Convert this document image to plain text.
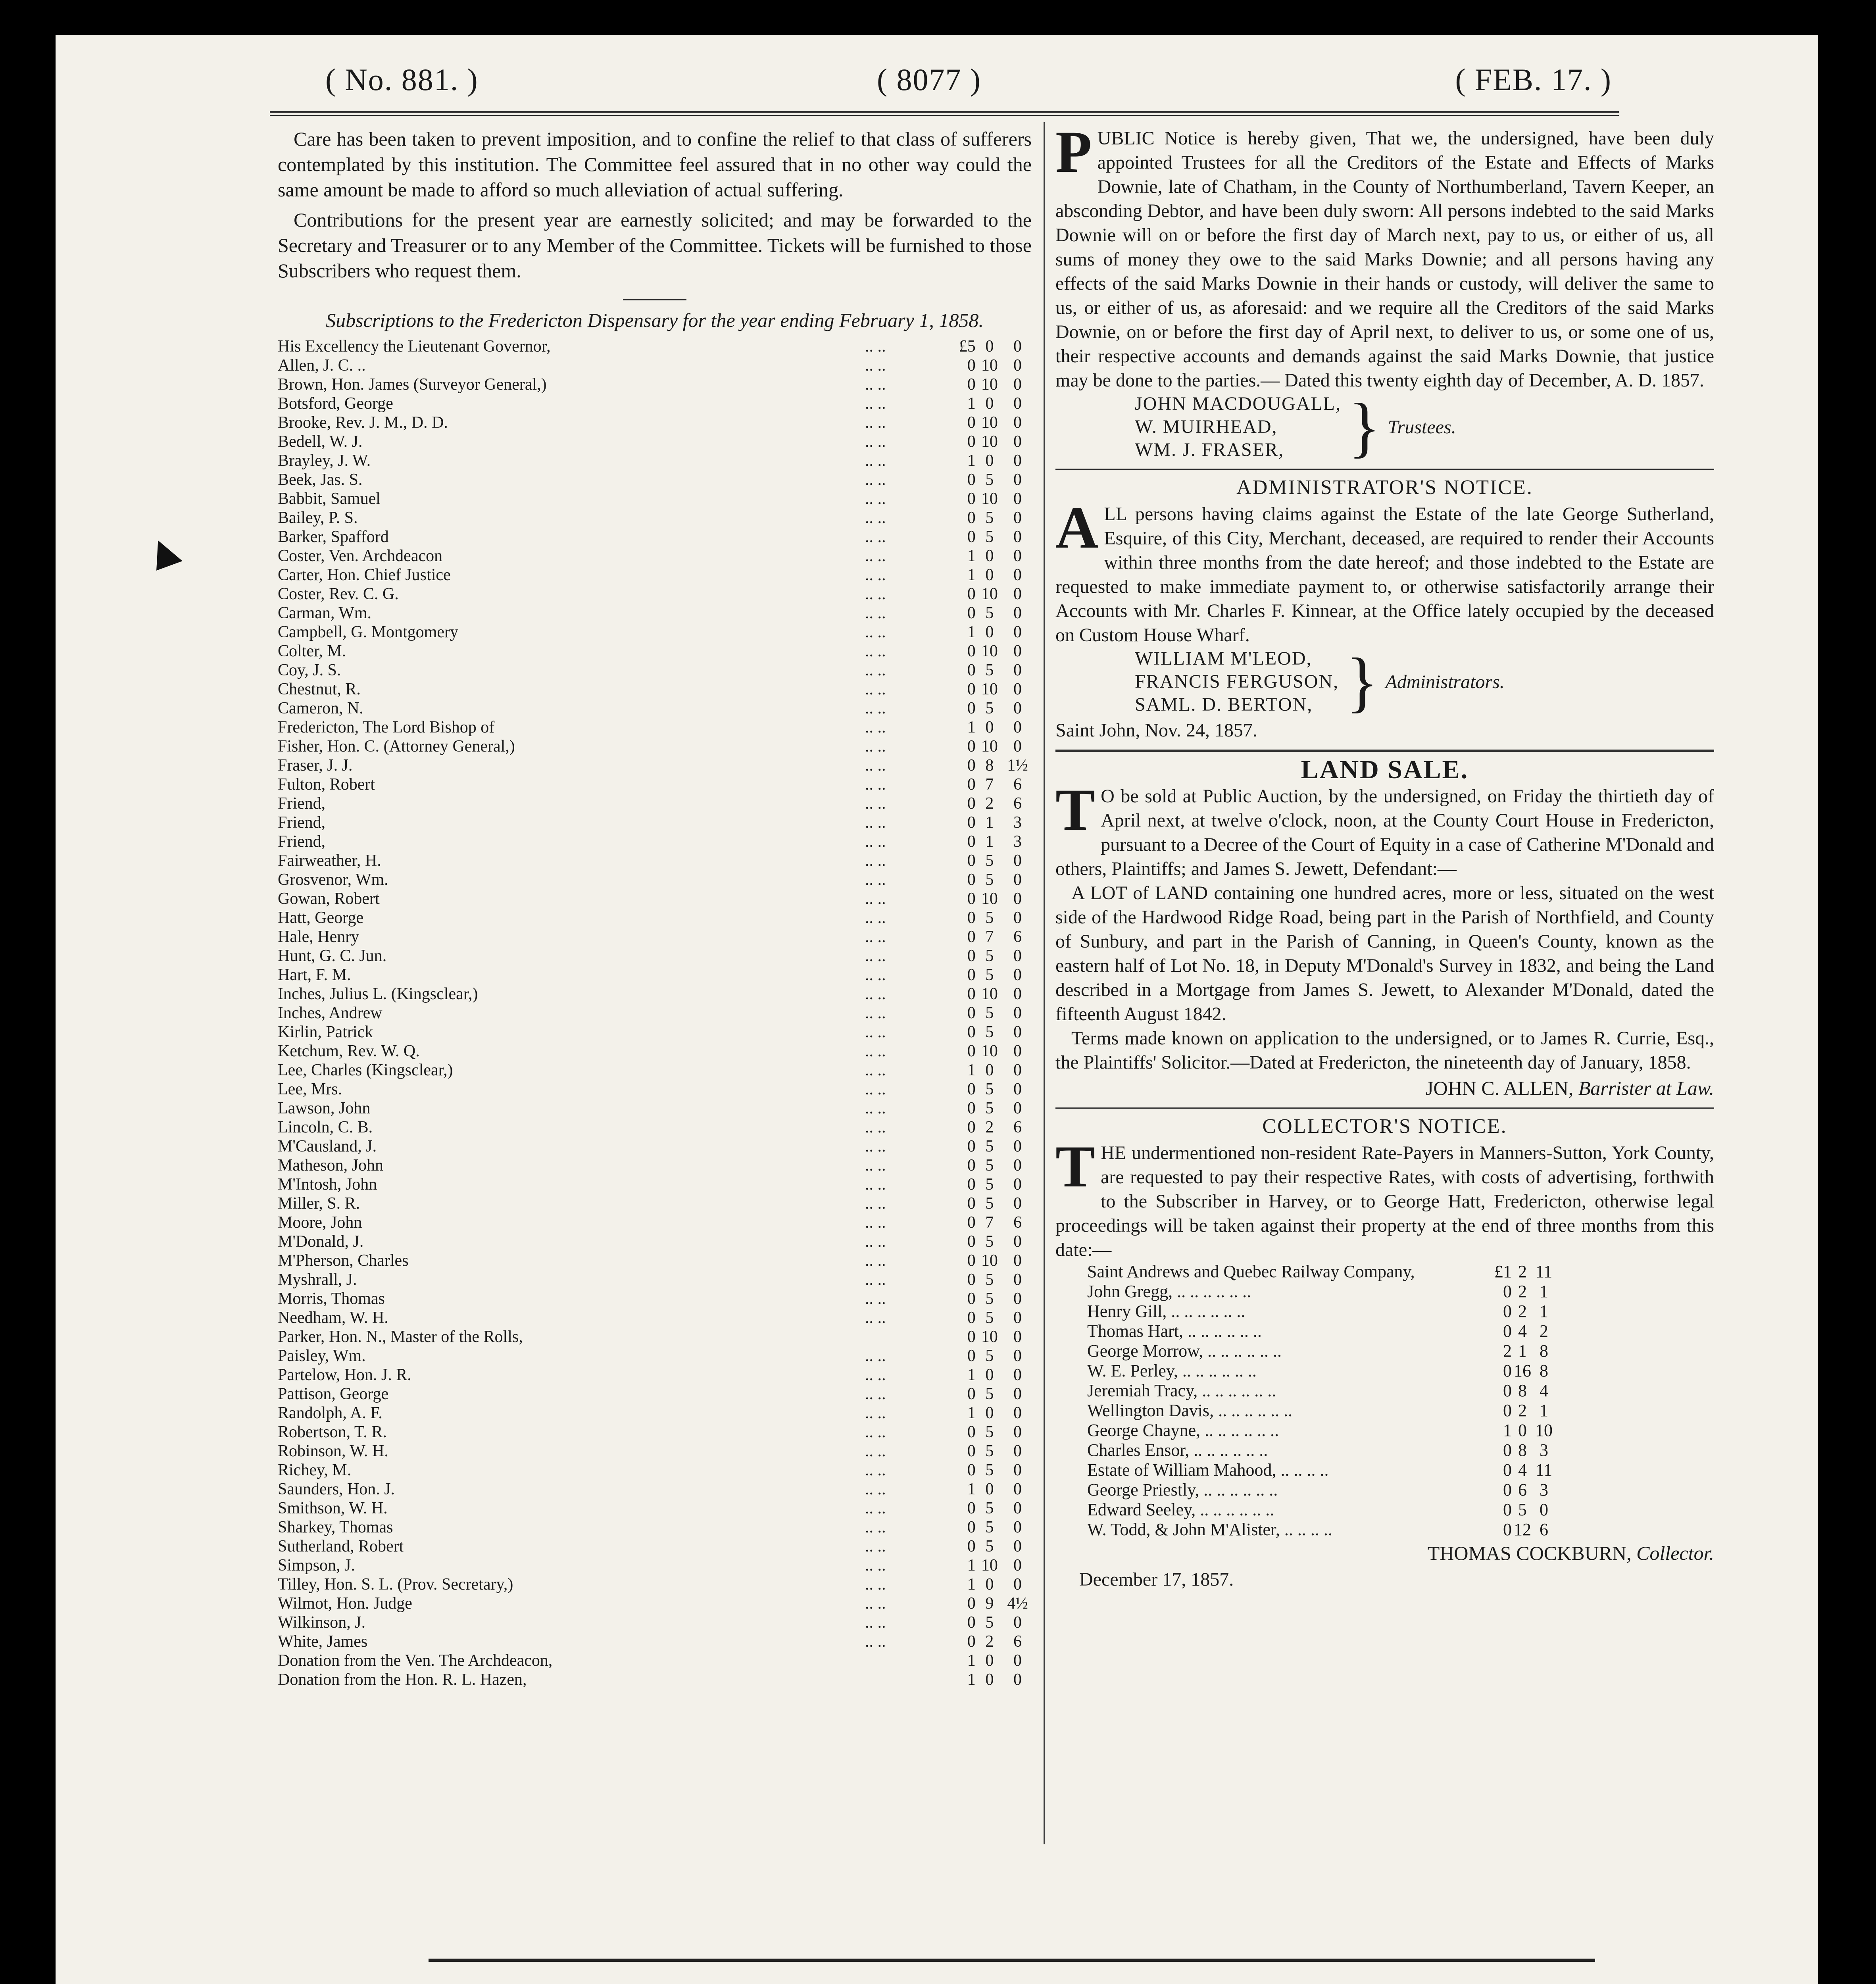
( No. 881. )	( 8077 )	( FEB. 17. )

Care has been taken to prevent imposition, and to confine the relief to that class of sufferers contemplated by this institution. The Committee feel assured that in no other way could the same amount be made to afford so much alleviation of actual suffering.

Contributions for the present year are earnestly solicited; and may be forwarded to the Secretary and Treasurer or to any Member of the Committee. Tickets will be furnished to those Subscribers who request them.

Subscriptions to the Fredericton Dispensary for the year ending February 1, 1858.

His Excellency the Lieutenant Governor,	.. ..	£5	0	0
Allen, J. C. ..	.. ..	0	10	0
Brown, Hon. James (Surveyor General,)	.. ..	0	10	0
Botsford, George	.. ..	1	0	0
Brooke, Rev. J. M., D. D.	.. ..	0	10	0
Bedell, W. J.	.. ..	0	10	0
Brayley, J. W.	.. ..	1	0	0
Beek, Jas. S.	.. ..	0	5	0
Babbit, Samuel	.. ..	0	10	0
Bailey, P. S.	.. ..	0	5	0
Barker, Spafford	.. ..	0	5	0
Coster, Ven. Archdeacon	.. ..	1	0	0
Carter, Hon. Chief Justice	.. ..	1	0	0
Coster, Rev. C. G.	.. ..	0	10	0
Carman, Wm.	.. ..	0	5	0
Campbell, G. Montgomery	.. ..	1	0	0
Colter, M.	.. ..	0	10	0
Coy, J. S.	.. ..	0	5	0
Chestnut, R.	.. ..	0	10	0
Cameron, N.	.. ..	0	5	0
Fredericton, The Lord Bishop of	.. ..	1	0	0
Fisher, Hon. C. (Attorney General,)	.. ..	0	10	0
Fraser, J. J.	.. ..	0	8	1½
Fulton, Robert	.. ..	0	7	6
Friend,	.. ..	0	2	6
Friend,	.. ..	0	1	3
Friend,	.. ..	0	1	3
Fairweather, H.	.. ..	0	5	0
Grosvenor, Wm.	.. ..	0	5	0
Gowan, Robert	.. ..	0	10	0
Hatt, George	.. ..	0	5	0
Hale, Henry	.. ..	0	7	6
Hunt, G. C. Jun.	.. ..	0	5	0
Hart, F. M.	.. ..	0	5	0
Inches, Julius L. (Kingsclear,)	.. ..	0	10	0
Inches, Andrew	.. ..	0	5	0
Kirlin, Patrick	.. ..	0	5	0
Ketchum, Rev. W. Q.	.. ..	0	10	0
Lee, Charles (Kingsclear,)	.. ..	1	0	0
Lee, Mrs.	.. ..	0	5	0
Lawson, John	.. ..	0	5	0
Lincoln, C. B.	.. ..	0	2	6
M'Causland, J.	.. ..	0	5	0
Matheson, John	.. ..	0	5	0
M'Intosh, John	.. ..	0	5	0
Miller, S. R.	.. ..	0	5	0
Moore, John	.. ..	0	7	6
M'Donald, J.	.. ..	0	5	0
M'Pherson, Charles	.. ..	0	10	0
Myshrall, J.	.. ..	0	5	0
Morris, Thomas	.. ..	0	5	0
Needham, W. H.	.. ..	0	5	0
Parker, Hon. N., Master of the Rolls,		0	10	0
Paisley, Wm.	.. ..	0	5	0
Partelow, Hon. J. R.	.. ..	1	0	0
Pattison, George	.. ..	0	5	0
Randolph, A. F.	.. ..	1	0	0
Robertson, T. R.	.. ..	0	5	0
Robinson, W. H.	.. ..	0	5	0
Richey, M.	.. ..	0	5	0
Saunders, Hon. J.	.. ..	1	0	0
Smithson, W. H.	.. ..	0	5	0
Sharkey, Thomas	.. ..	0	5	0
Sutherland, Robert	.. ..	0	5	0
Simpson, J.	.. ..	1	10	0
Tilley, Hon. S. L. (Prov. Secretary,)	.. ..	1	0	0
Wilmot, Hon. Judge	.. ..	0	9	4½
Wilkinson, J.	.. ..	0	5	0
White, James	.. ..	0	2	6
Donation from the Ven. The Archdeacon,		1	0	0
Donation from the Hon. R. L. Hazen,		1	0	0

PUBLIC Notice is hereby given, That we, the undersigned, have been duly appointed Trustees for all the Creditors of the Estate and Effects of Marks Downie, late of Chatham, in the County of Northumberland, Tavern Keeper, an absconding Debtor, and have been duly sworn: All persons indebted to the said Marks Downie will on or before the first day of March next, pay to us, or either of us, all sums of money they owe to the said Marks Downie; and all persons having any effects of the said Marks Downie in their hands or custody, will deliver the same to us, or either of us, as aforesaid: and we require all the Creditors of the said Marks Downie, on or before the first day of April next, to deliver to us, or some one of us, their respective accounts and demands against the said Marks Downie, that justice may be done to the parties.— Dated this twenty eighth day of December, A. D. 1857.

JOHN MACDOUGALL,
W. MUIRHEAD,
WM. J. FRASER, } Trustees.
ADMINISTRATOR'S NOTICE.

ALL persons having claims against the Estate of the late George Sutherland, Esquire, of this City, Merchant, deceased, are required to render their Accounts within three months from the date hereof; and those indebted to the Estate are requested to make immediate payment to, or otherwise satisfactorily arrange their Accounts with Mr. Charles F. Kinnear, at the Office lately occupied by the deceased on Custom House Wharf.

WILLIAM M'LEOD,
FRANCIS FERGUSON,
SAML. D. BERTON, } Administrators.
Saint John, Nov. 24, 1857.
LAND SALE.

T O be sold at Public Auction, by the undersigned, on Friday the thirtieth day of April next, at twelve o'clock, noon, at the County Court House in Fredericton, pursuant to a Decree of the Court of Equity in a case of Catherine M'Donald and others, Plaintiffs; and James S. Jewett, Defendant:—

A LOT of LAND containing one hundred acres, more or less, situated on the west side of the Hardwood Ridge Road, being part in the Parish of Northfield, and County of Sunbury, and part in the Parish of Canning, in Queen's County, known as the eastern half of Lot No. 18, in Deputy M'Donald's Survey in 1832, and being the Land described in a Mortgage from James S. Jewett, to Alexander M'Donald, dated the fifteenth August 1842.

Terms made known on application to the undersigned, or to James R. Currie, Esq., the Plaintiffs' Solicitor.—Dated at Fredericton, the nineteenth day of January, 1858.

JOHN C. ALLEN, Barrister at Law.
COLLECTOR'S NOTICE.

THE undermentioned non-resident Rate-Payers in Manners-Sutton, York County, are requested to pay their respective Rates, with costs of advertising, forthwith to the Subscriber in Harvey, or to George Hatt, Fredericton, otherwise legal proceedings will be taken against their property at the end of three months from this date:—

Saint Andrews and Quebec Railway Company,	£1	2	11
John Gregg, .. .. .. .. .. ..	0	2	1
Henry Gill, .. .. .. .. .. ..	0	2	1
Thomas Hart, .. .. .. .. .. ..	0	4	2
George Morrow, .. .. .. .. .. ..	2	1	8
W. E. Perley, .. .. .. .. .. ..	0	16	8
Jeremiah Tracy, .. .. .. .. .. ..	0	8	4
Wellington Davis, .. .. .. .. .. ..	0	2	1
George Chayne, .. .. .. .. .. ..	1	0	10
Charles Ensor, .. .. .. .. .. ..	0	8	3
Estate of William Mahood, .. .. .. ..	0	4	11
George Priestly, .. .. .. .. .. ..	0	6	3
Edward Seeley, .. .. .. .. .. ..	0	5	0
W. Todd, & John M'Alister, .. .. .. ..	0	12	6
THOMAS COCKBURN, Collector.
December 17, 1857.
